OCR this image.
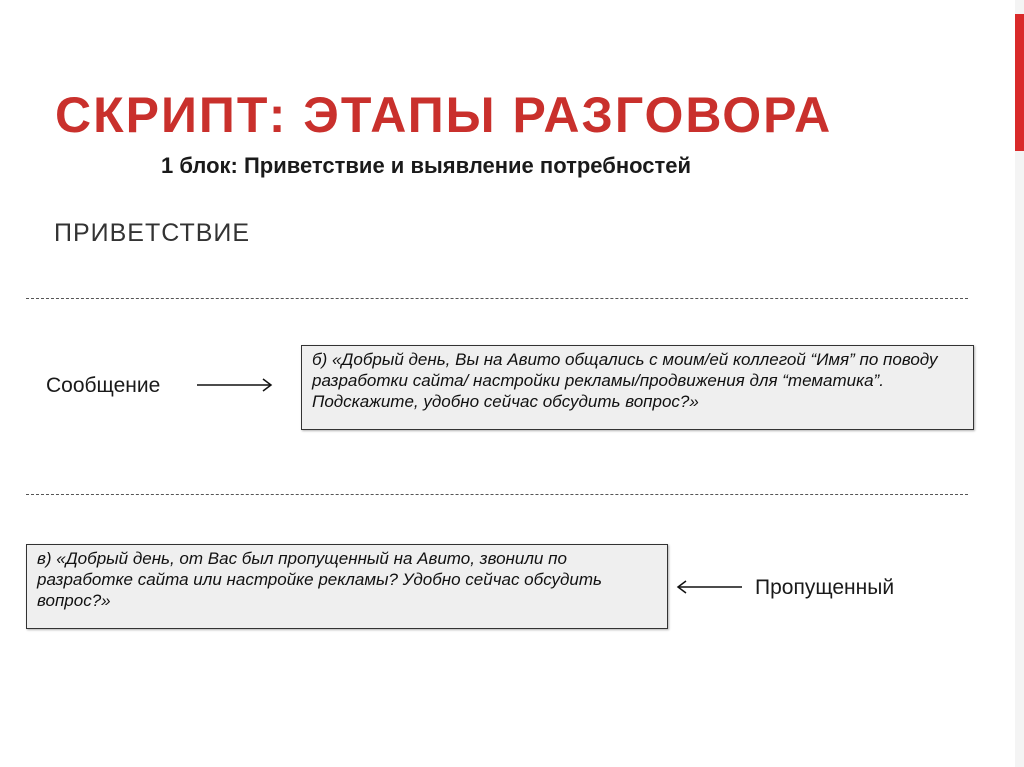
СКРИПТ: ЭТАПЫ РАЗГОВОРА
1 блок: Приветствие и выявление потребностей
ПРИВЕТСТВИЕ
Сообщение
б) «Добрый день, Вы на Авито общались с моим/ей коллегой “Имя” по поводу разработки сайта/ настройки рекламы/продвижения для “тематика”. Подскажите, удобно сейчас обсудить вопрос?»
в) «Добрый день, от Вас был пропущенный на Авито, звонили по разработке сайта или настройке рекламы? Удобно сейчас обсудить вопрос?»
Пропущенный
